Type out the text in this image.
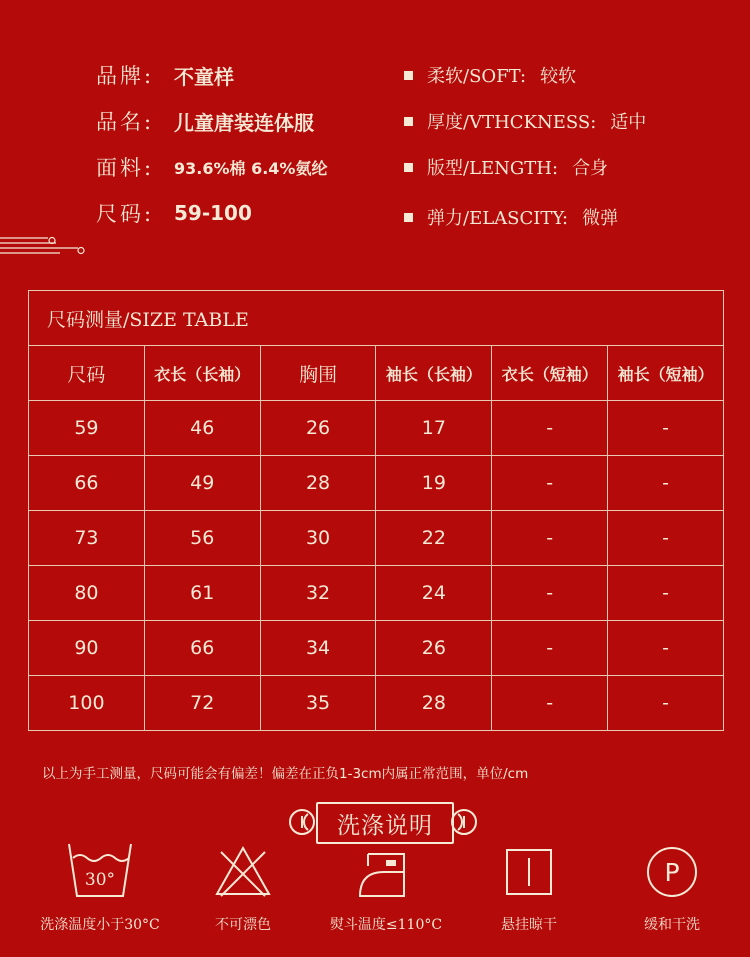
品牌: 不童样
品名: 儿童唐装连体服
面料:	93.6%棉 6.4%氨纶
尺码: 59-100
柔软/SOFT: 较软
厚度/VTHCKNESS: 适中
版型/LENGTH: 合身
弹力/ELASCITY: 微弹
尺码测量/SIZE TABLE					
尺码	衣长（长袖）	胸围	袖长（长袖）	衣长（短袖）	袖长（短袖）
59	46	26	17	-	-
66	49	28	19	-	-
73	56	30	22	-	-
80	61	32	24	-	-
90	66	34	26	-	-
100	72	35	28	-	-
以上为手工测量，尺码可能会有偏差！偏差在正负1-3cm内属正常范围，单位/cm
洗涤说明
30°
洗涤温度小于30°C	不可漂色	熨斗温度≤110°C	悬挂晾干
P
缓和干洗
